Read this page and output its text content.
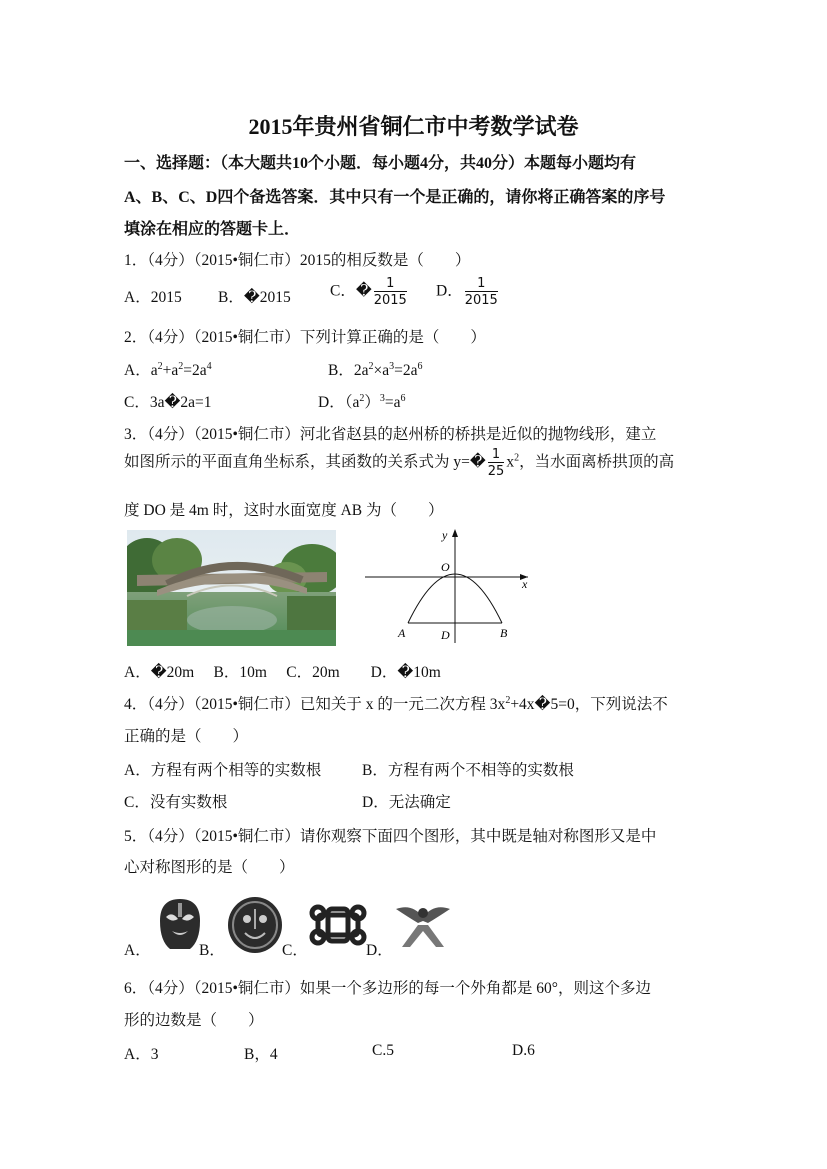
2015年贵州省铜仁市中考数学试卷
一、选择题：（本大题共10个小题．每小题4分，共40分）本题每小题均有
A、B、C、D四个备选答案．其中只有一个是正确的，请你将正确答案的序号
填涂在相应的答题卡上．
1．（4分）（2015•铜仁市）2015的相反数是（　　）
A．2015 B．�2015	C．� $\frac{1}{2015}$ D． $\frac{1}{2015}$
2．（4分）（2015•铜仁市）下列计算正确的是（　　）
A．$a^2+a^2=2a^4$	B．$2a^2\times a^3=2a^6$
C．3a�2a=1	D．$(a^2)^3=a^6$
3．（4分）（2015•铜仁市）河北省赵县的赵州桥的桥拱是近似的抛物线形，建立
如图所示的平面直角坐标系，其函数的关系式为 y=� $\frac{1}{25} x^2$，当水面离桥拱顶的高
度 DO 是 4m 时，这时水面宽度 AB 为（　　）
y
x
O
A	D	B
A．�20m　 B．10m　 C．20m　　D．�10m
4．（4分）（2015•铜仁市）已知关于 x 的一元二次方程 $3x^2+4x�5=0$，下列说法不
正确的是（　　）
A．方程有两个相等的实数根	B．方程有两个不相等的实数根
C．没有实数根	D．无法确定
5．（4分）（2015•铜仁市）请你观察下面四个图形，其中既是轴对称图形又是中
心对称图形的是（　　）
A．	B．	C．	D．
6．（4分）（2015•铜仁市）如果一个多边形的每一个外角都是 60°，则这个多边
形的边数是（　　）
A．3	B，4	C.5	D.6
